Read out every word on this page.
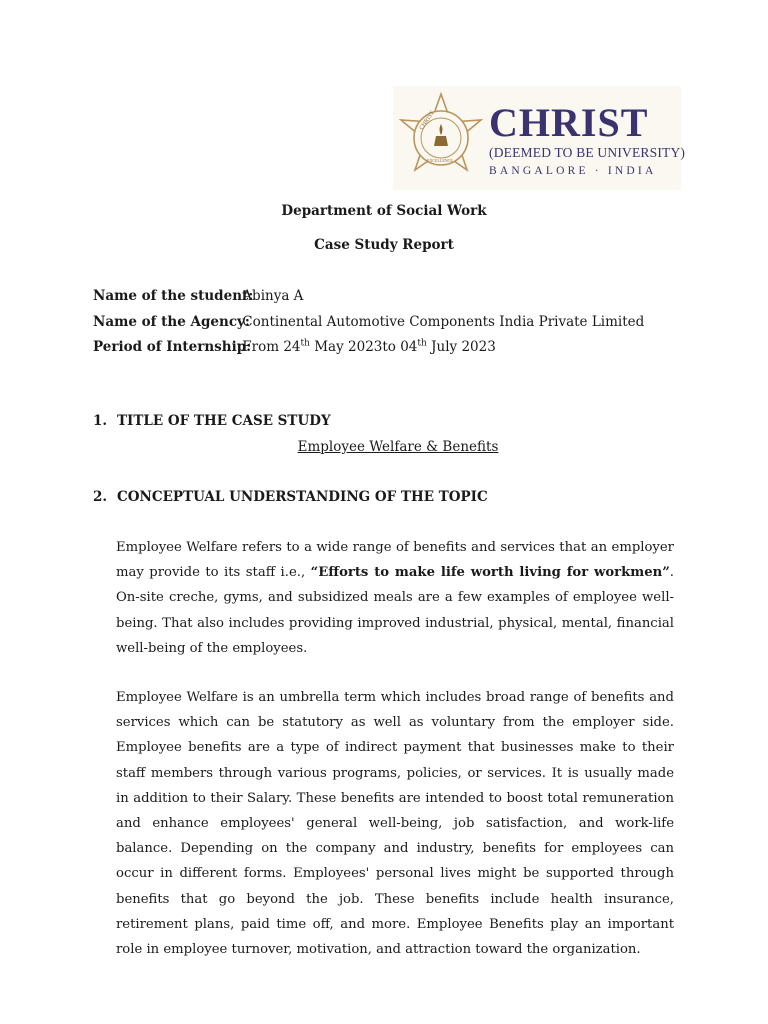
CHRIST
EXCELLENCE
CHRIST
(DEEMED TO BE UNIVERSITY)
BANGALORE · INDIA
Department of Social Work
Case Study Report
Name of the student: Abinya A
Name of the Agency: Continental Automotive Components India Private Limited
Period of Internship: From 24th May 2023to 04th July 2023
1. TITLE OF THE CASE STUDY
Employee Welfare & Benefits
2. CONCEPTUAL UNDERSTANDING OF THE TOPIC
Employee Welfare refers to a wide range of benefits and services that an employer may provide to its staff i.e., “Efforts to make life worth living for workmen”. On-site creche, gyms, and subsidized meals are a few examples of employee well-being. That also includes providing improved industrial, physical, mental, financial well-being of the employees.
Employee Welfare is an umbrella term which includes broad range of benefits and services which can be statutory as well as voluntary from the employer side. Employee benefits are a type of indirect payment that businesses make to their staff members through various programs, policies, or services. It is usually made in addition to their Salary. These benefits are intended to boost total remuneration and enhance employees' general well-being, job satisfaction, and work-life balance. Depending on the company and industry, benefits for employees can occur in different forms. Employees' personal lives might be supported through benefits that go beyond the job. These benefits include health insurance, retirement plans, paid time off, and more. Employee Benefits play an important role in employee turnover, motivation, and attraction toward the organization.
